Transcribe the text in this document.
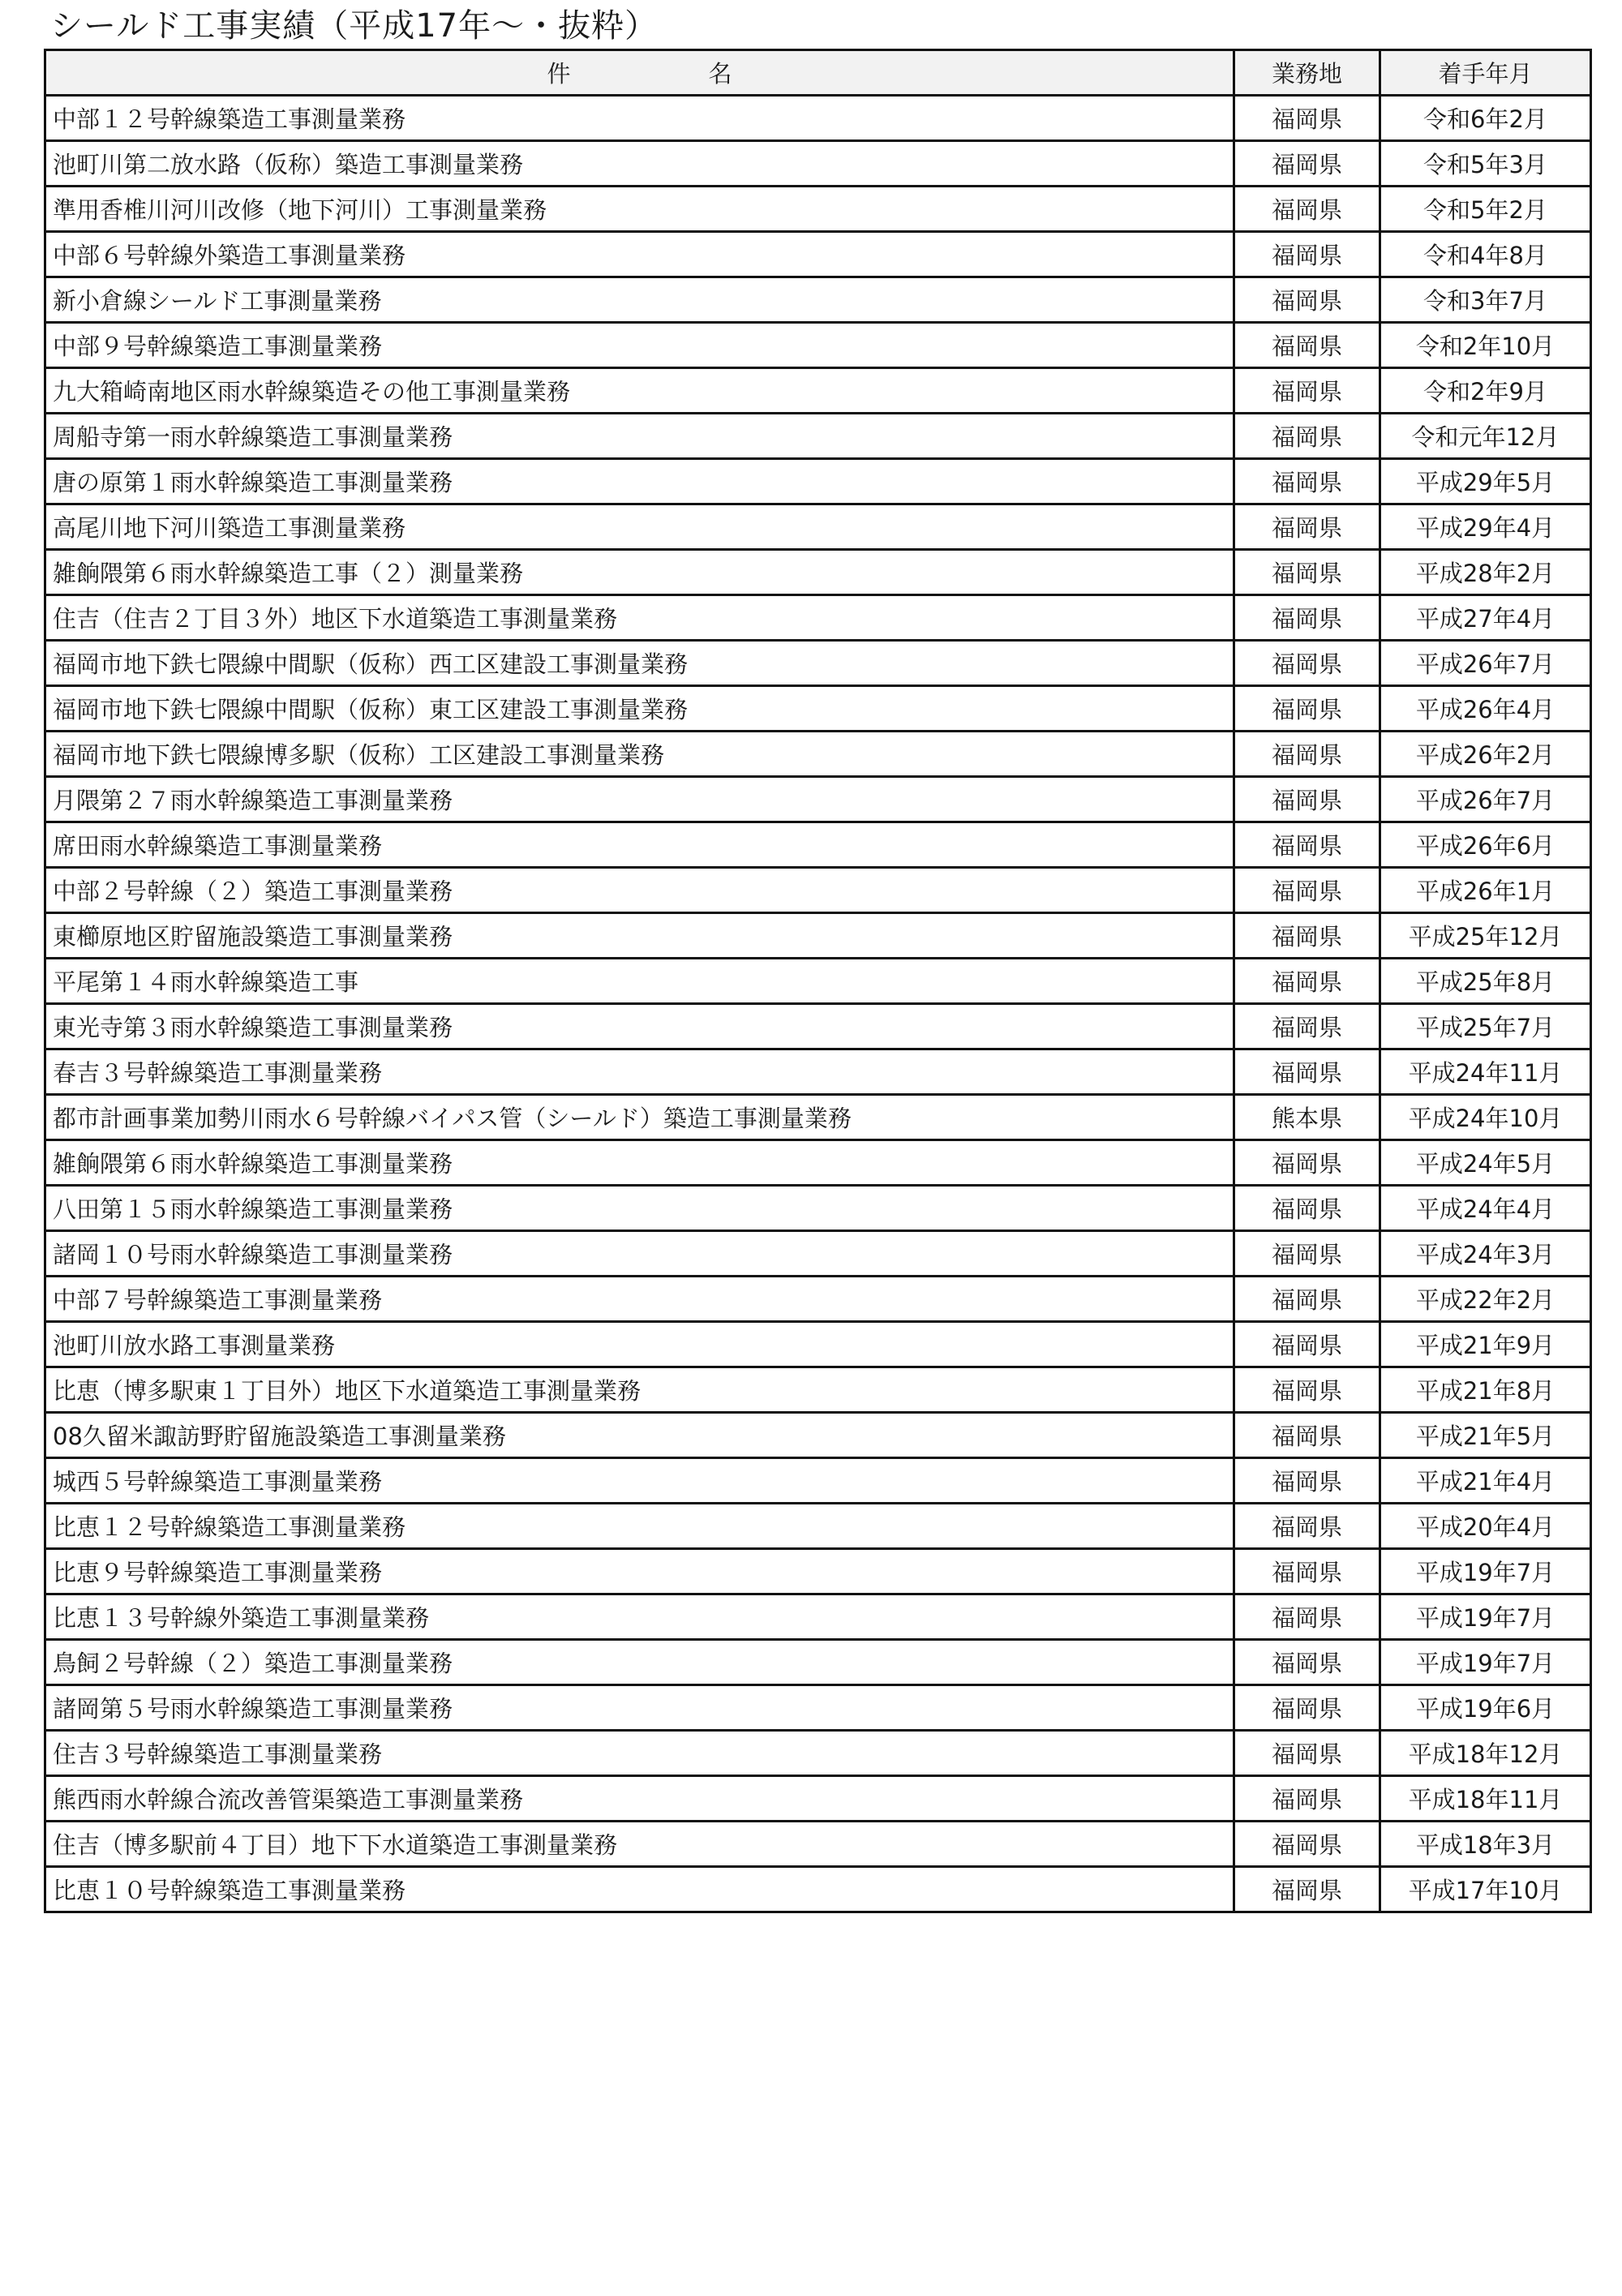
シールド工事実績（平成17年～・抜粋）
件 名	業務地	着手年月
中部１２号幹線築造工事測量業務	福岡県	令和6年2月
池町川第二放水路（仮称）築造工事測量業務	福岡県	令和5年3月
準用香椎川河川改修（地下河川）工事測量業務	福岡県	令和5年2月
中部６号幹線外築造工事測量業務	福岡県	令和4年8月
新小倉線シールド工事測量業務	福岡県	令和3年7月
中部９号幹線築造工事測量業務	福岡県	令和2年10月
九大箱崎南地区雨水幹線築造その他工事測量業務	福岡県	令和2年9月
周船寺第一雨水幹線築造工事測量業務	福岡県	令和元年12月
唐の原第１雨水幹線築造工事測量業務	福岡県	平成29年5月
高尾川地下河川築造工事測量業務	福岡県	平成29年4月
雑餉隈第６雨水幹線築造工事（２）測量業務	福岡県	平成28年2月
住吉（住吉２丁目３外）地区下水道築造工事測量業務	福岡県	平成27年4月
福岡市地下鉄七隈線中間駅（仮称）西工区建設工事測量業務	福岡県	平成26年7月
福岡市地下鉄七隈線中間駅（仮称）東工区建設工事測量業務	福岡県	平成26年4月
福岡市地下鉄七隈線博多駅（仮称）工区建設工事測量業務	福岡県	平成26年2月
月隈第２７雨水幹線築造工事測量業務	福岡県	平成26年7月
席田雨水幹線築造工事測量業務	福岡県	平成26年6月
中部２号幹線（２）築造工事測量業務	福岡県	平成26年1月
東櫛原地区貯留施設築造工事測量業務	福岡県	平成25年12月
平尾第１４雨水幹線築造工事	福岡県	平成25年8月
東光寺第３雨水幹線築造工事測量業務	福岡県	平成25年7月
春吉３号幹線築造工事測量業務	福岡県	平成24年11月
都市計画事業加勢川雨水６号幹線バイパス管（シールド）築造工事測量業務	熊本県	平成24年10月
雑餉隈第６雨水幹線築造工事測量業務	福岡県	平成24年5月
八田第１５雨水幹線築造工事測量業務	福岡県	平成24年4月
諸岡１０号雨水幹線築造工事測量業務	福岡県	平成24年3月
中部７号幹線築造工事測量業務	福岡県	平成22年2月
池町川放水路工事測量業務	福岡県	平成21年9月
比恵（博多駅東１丁目外）地区下水道築造工事測量業務	福岡県	平成21年8月
08久留米諏訪野貯留施設築造工事測量業務	福岡県	平成21年5月
城西５号幹線築造工事測量業務	福岡県	平成21年4月
比恵１２号幹線築造工事測量業務	福岡県	平成20年4月
比恵９号幹線築造工事測量業務	福岡県	平成19年7月
比恵１３号幹線外築造工事測量業務	福岡県	平成19年7月
鳥飼２号幹線（２）築造工事測量業務	福岡県	平成19年7月
諸岡第５号雨水幹線築造工事測量業務	福岡県	平成19年6月
住吉３号幹線築造工事測量業務	福岡県	平成18年12月
熊西雨水幹線合流改善管渠築造工事測量業務	福岡県	平成18年11月
住吉（博多駅前４丁目）地下下水道築造工事測量業務	福岡県	平成18年3月
比恵１０号幹線築造工事測量業務	福岡県	平成17年10月
